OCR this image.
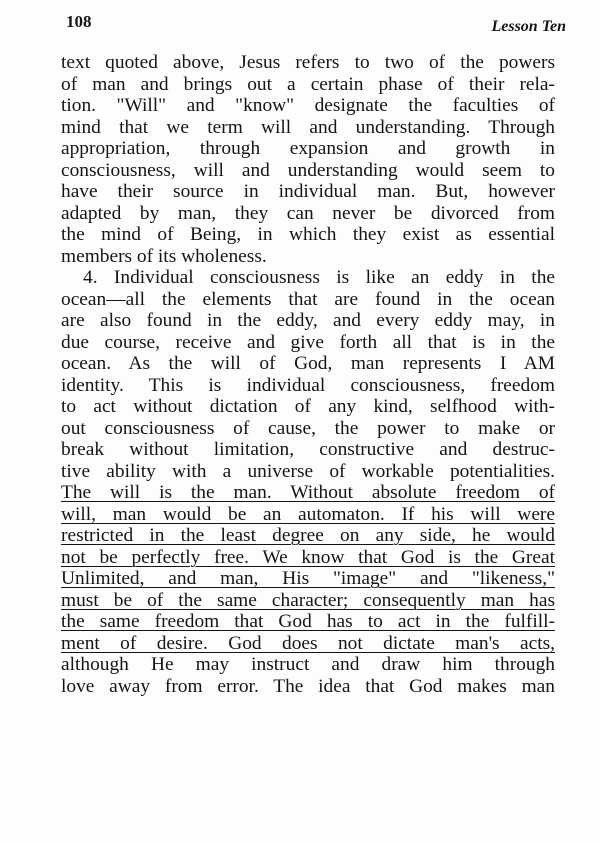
108	Lesson Ten
text quoted above, Jesus refers to two of the powers
of man and brings out a certain phase of their rela-
tion. "Will" and "know" designate the faculties of
mind that we term will and understanding. Through
appropriation, through expansion and growth in
consciousness, will and understanding would seem to
have their source in individual man. But, however
adapted by man, they can never be divorced from
the mind of Being, in which they exist as essential
members of its wholeness.
4. Individual consciousness is like an eddy in the
ocean—all the elements that are found in the ocean
are also found in the eddy, and every eddy may, in
due course, receive and give forth all that is in the
ocean. As the will of God, man represents I AM
identity. This is individual consciousness, freedom
to act without dictation of any kind, selfhood with-
out consciousness of cause, the power to make or
break without limitation, constructive and destruc-
tive ability with a universe of workable potentialities.
The will is the man. Without absolute freedom of
will, man would be an automaton. If his will were
restricted in the least degree on any side, he would
not be perfectly free. We know that God is the Great
Unlimited, and man, His "image" and "likeness,"
must be of the same character; consequently man has
the same freedom that God has to act in the fulfill-
ment of desire. God does not dictate man's acts,
although He may instruct and draw him through
love away from error. The idea that God makes man
